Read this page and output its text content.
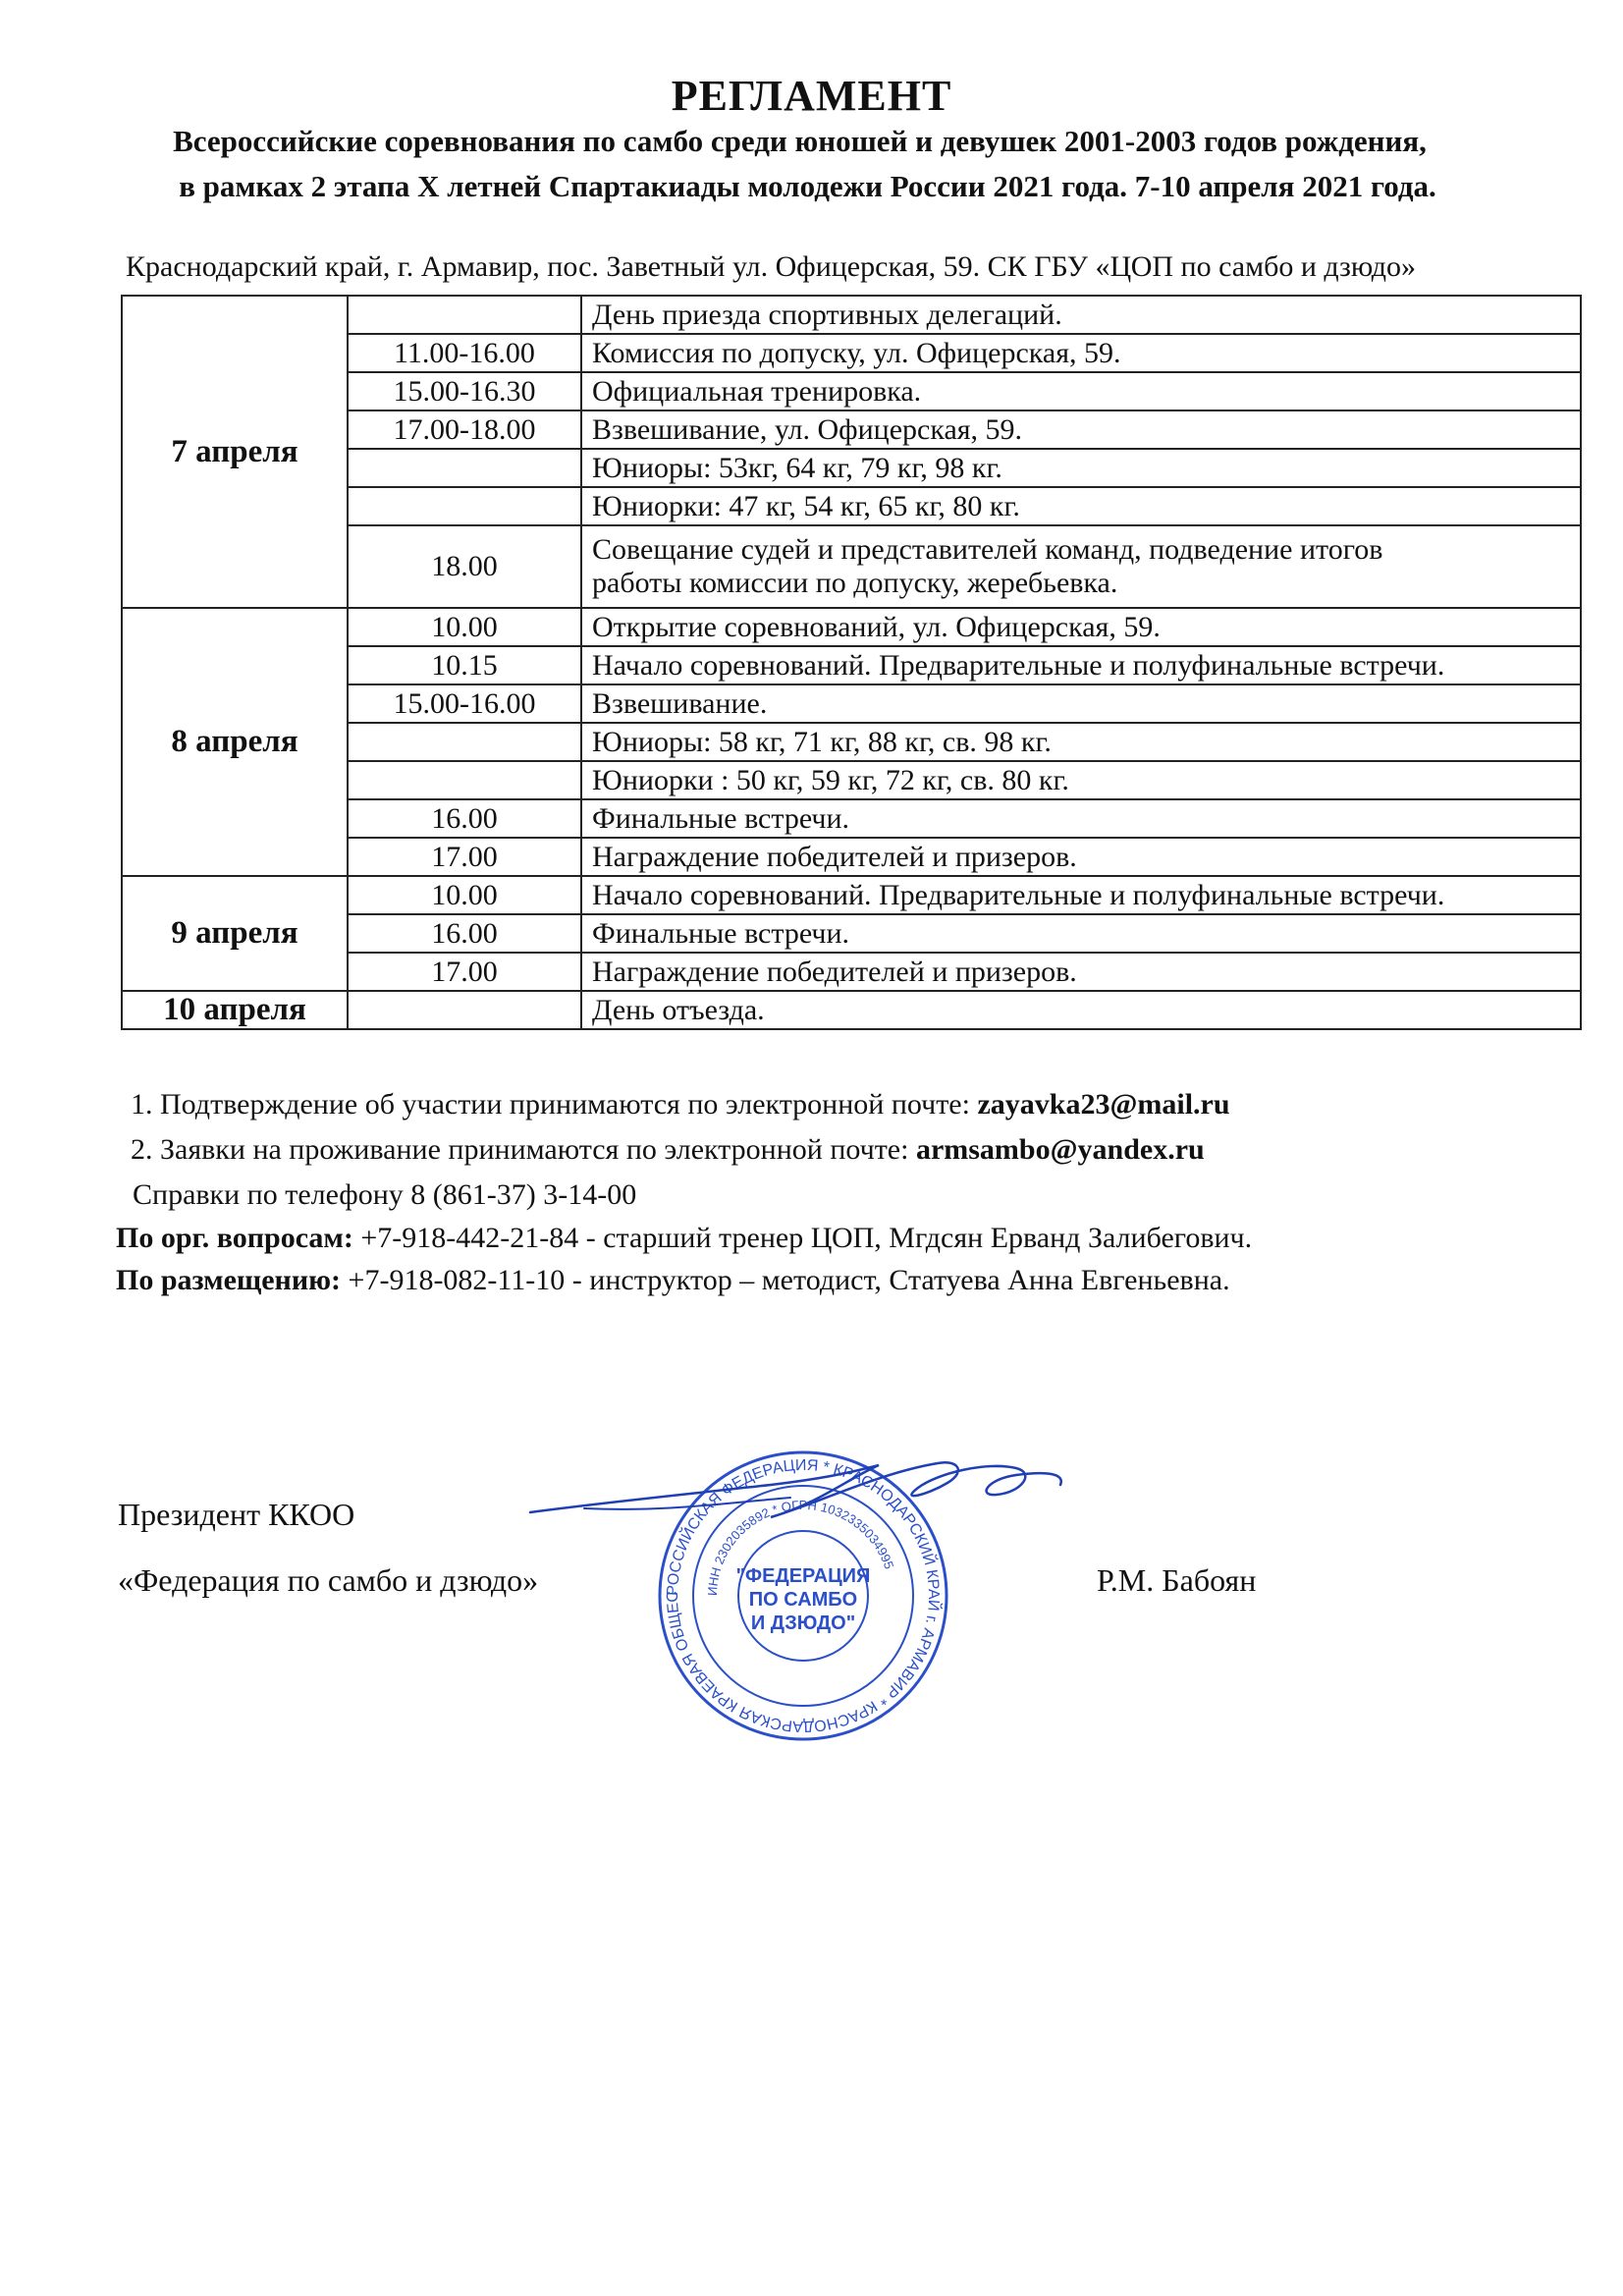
РЕГЛАМЕНТ
Всероссийские соревнования по самбо среди юношей и девушек 2001-2003 годов рождения,
в рамках 2 этапа X летней Спартакиады молодежи России 2021 года. 7-10 апреля 2021 года.
Краснодарский край, г. Армавир, пос. Заветный ул. Офицерская, 59. СК ГБУ «ЦОП по самбо и дзюдо»
7 апреля		День приезда спортивных делегаций.
	11.00-16.00	Комиссия по допуску, ул. Офицерская, 59.
	15.00-16.30	Официальная тренировка.
	17.00-18.00	Взвешивание, ул. Офицерская, 59.
		Юниоры: 53кг, 64 кг, 79 кг, 98 кг.
		Юниорки: 47 кг, 54 кг, 65 кг, 80 кг.
	18.00	Совещание судей и представителей команд, подведение итогов
работы комиссии по допуску, жеребьевка.

8 апреля	10.00	Открытие соревнований, ул. Офицерская, 59.
	10.15	Начало соревнований. Предварительные и полуфинальные встречи.
	15.00-16.00	Взвешивание.
		Юниоры: 58 кг, 71 кг, 88 кг, св. 98 кг.
		Юниорки : 50 кг, 59 кг, 72 кг, св. 80 кг.
	16.00	Финальные встречи.
	17.00	Награждение победителей и призеров.
9 апреля	10.00	Начало соревнований. Предварительные и полуфинальные встречи.
	16.00	Финальные встречи.
	17.00	Награждение победителей и призеров.
10 апреля		День отъезда.
1. Подтверждение об участии принимаются по электронной почте: zayavka23@mail.ru
2. Заявки на проживание принимаются по электронной почте: armsambo@yandex.ru
Справки по телефону 8 (861-37) 3-14-00
По орг. вопросам: +7-918-442-21-84 - старший тренер ЦОП, Мгдсян Ерванд Залибегович.
По размещению: +7-918-082-11-10 - инструктор – методист, Статуева Анна Евгеньевна.
Президент ККОО
«Федерация по самбо и дзюдо»	Р.М. Бабоян
РОССИЙСКАЯ ФЕДЕРАЦИЯ * КРАСНОДАРСКИЙ КРАЙ г. АРМАВИР * КРАСНОДАРСКАЯ КРАЕВАЯ ОБЩЕС
ИНН 2302035892 * ОГРН 1032335034995
"ФЕДЕРАЦИЯ
ПО САМБО
И ДЗЮДО"
